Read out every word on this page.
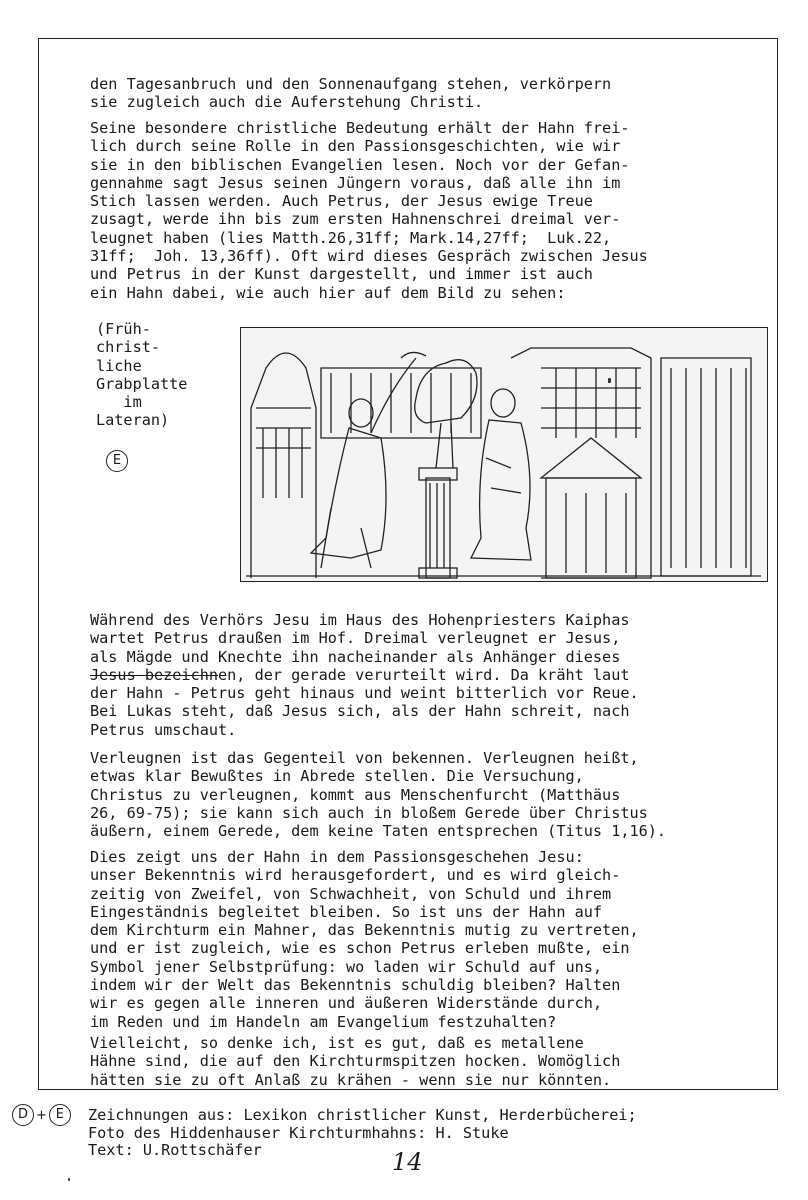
den Tagesanbruch und den Sonnenaufgang stehen, verkörpern
sie zugleich auch die Auferstehung Christi.

Seine besondere christliche Bedeutung erhält der Hahn frei-
lich durch seine Rolle in den Passionsgeschichten, wie wir
sie in den biblischen Evangelien lesen. Noch vor der Gefan-
gennahme sagt Jesus seinen Jüngern voraus, daß alle ihn im
Stich lassen werden. Auch Petrus, der Jesus ewige Treue
zusagt, werde ihn bis zum ersten Hahnenschrei dreimal ver-
leugnet haben (lies Matth.26,31ff; Mark.14,27ff;  Luk.22,
31ff;  Joh. 13,36ff). Oft wird dieses Gespräch zwischen Jesus
und Petrus in der Kunst dargestellt, und immer ist auch
ein Hahn dabei, wie auch hier auf dem Bild zu sehen:

(Früh-
christ-
liche
Grabplatte
im
Lateran)
E

Während des Verhörs Jesu im Haus des Hohenpriesters Kaiphas
wartet Petrus draußen im Hof. Dreimal verleugnet er Jesus,
als Mägde und Knechte ihn nacheinander als Anhänger dieses
Jesus bezeichnen, der gerade verurteilt wird. Da kräht laut
der Hahn - Petrus geht hinaus und weint bitterlich vor Reue.
Bei Lukas steht, daß Jesus sich, als der Hahn schreit, nach
Petrus umschaut.

Verleugnen ist das Gegenteil von bekennen. Verleugnen heißt,
etwas klar Bewußtes in Abrede stellen. Die Versuchung,
Christus zu verleugnen, kommt aus Menschenfurcht (Matthäus
26, 69-75); sie kann sich auch in bloßem Gerede über Christus
äußern, einem Gerede, dem keine Taten entsprechen (Titus 1,16).

Dies zeigt uns der Hahn in dem Passionsgeschehen Jesu:
unser Bekenntnis wird herausgefordert, und es wird gleich-
zeitig von Zweifel, von Schwachheit, von Schuld und ihrem
Eingeständnis begleitet bleiben. So ist uns der Hahn auf
dem Kirchturm ein Mahner, das Bekenntnis mutig zu vertreten,
und er ist zugleich, wie es schon Petrus erleben mußte, ein
Symbol jener Selbstprüfung: wo laden wir Schuld auf uns,
indem wir der Welt das Bekenntnis schuldig bleiben? Halten
wir es gegen alle inneren und äußeren Widerstände durch,
im Reden und im Handeln am Evangelium festzuhalten?

Vielleicht, so denke ich, ist es gut, daß es metallene
Hähne sind, die auf den Kirchturmspitzen hocken. Womöglich
hätten sie zu oft Anlaß zu krähen - wenn sie nur könnten.

D + E	Zeichnungen aus: Lexikon christlicher Kunst, Herderbücherei;
Foto des Hiddenhauser Kirchturmhahns: H. Stuke
Text: U.Rottschäfer	14
